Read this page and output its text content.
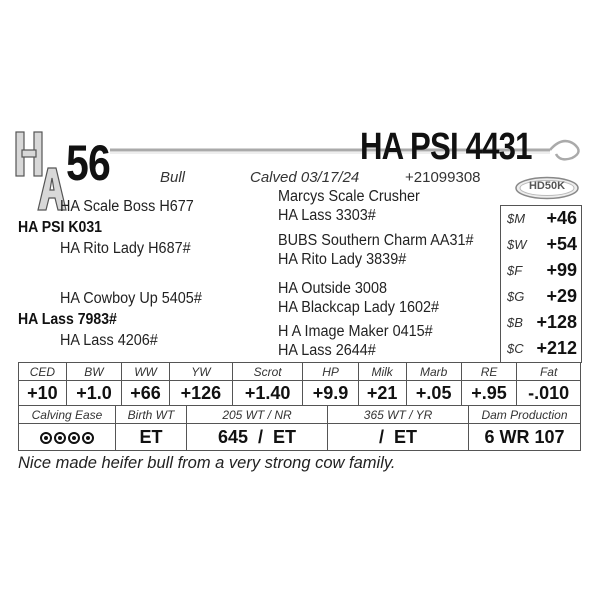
56	HA PSI 4431
Bull	Calved 03/17/24	+21099308	HD50K
HA Scale Boss H677
HA PSI K031
HA Rito Lady H687#
HA Cowboy Up 5405#
HA Lass 7983#
HA Lass 4206#
Marcys Scale Crusher
HA Lass 3303#
BUBS Southern Charm AA31#
HA Rito Lady 3839#
HA Outside 3008
HA Blackcap Lady 1602#
H A Image Maker 0415#
HA Lass 2644#
$M +46
$W +54
$F +99
$G +29
$B +128
$C +212
CED	BW	WW	YW	Scrot	HP	Milk	Marb	RE	Fat
+10	+1.0	+66	+126	+1.40	+9.9	+21	+.05	+.95	-.010
Calving Ease	Birth WT	205 WT / NR	365 WT / YR	Dam Production

	ET	645  /  ET	/  ET	6 WR 107
Nice made heifer bull from a very strong cow family.
